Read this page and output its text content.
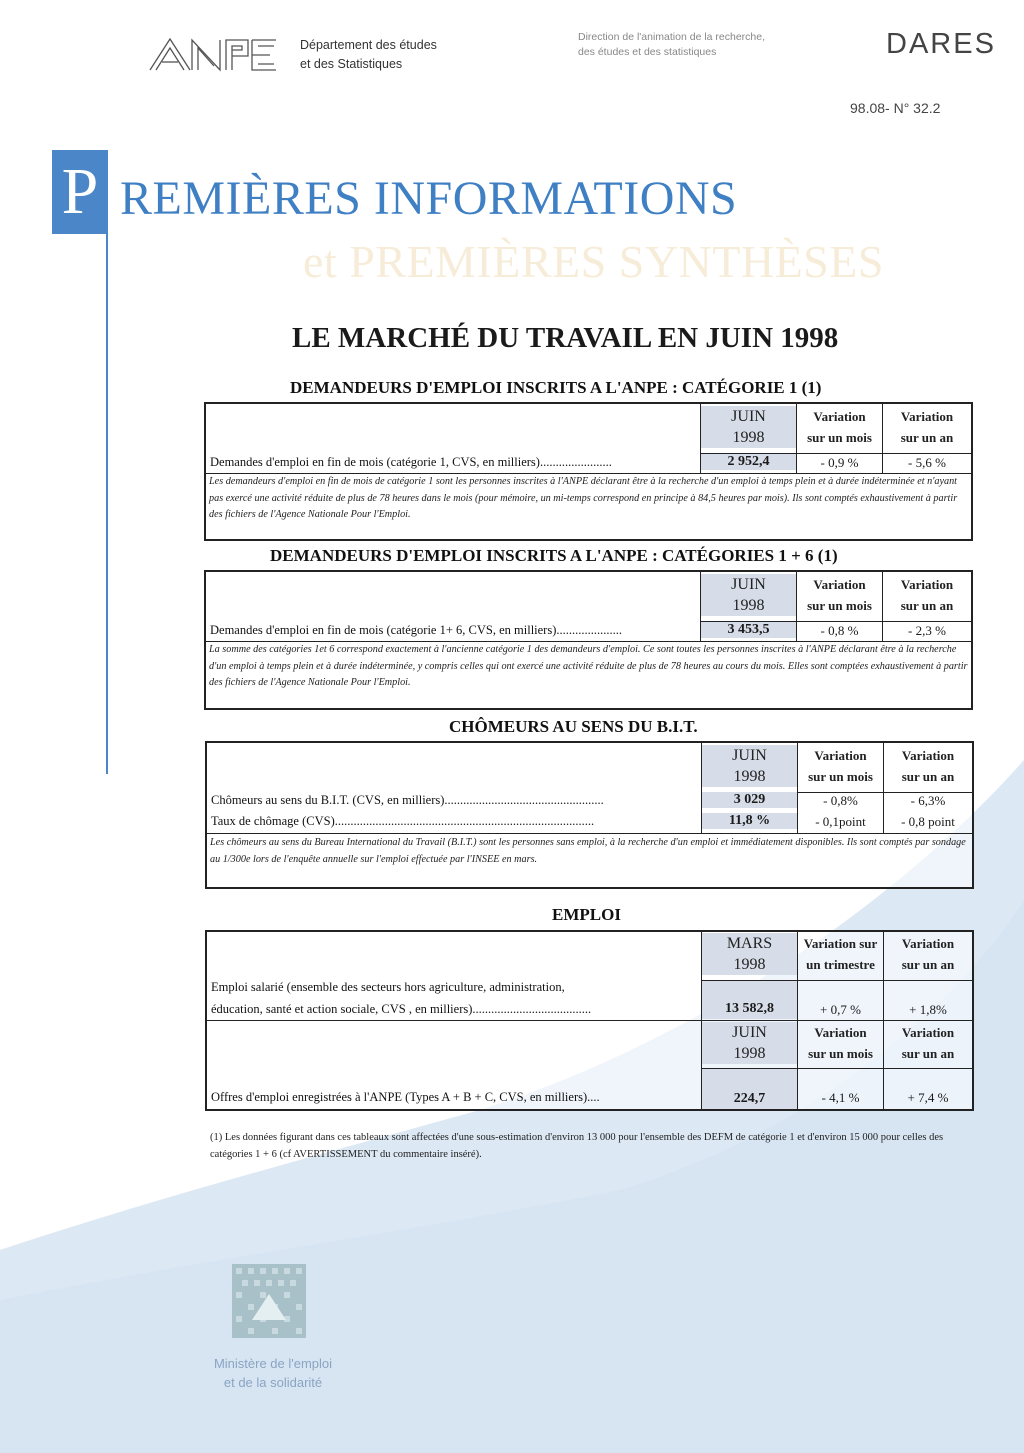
Département des études
et des Statistiques
Direction de l'animation de la recherche,
des études et des statistiques	DARES
98.08- N° 32.2
P REMIÈRES INFORMATIONS
et PREMIÈRES SYNTHÈSES
LE MARCHÉ DU TRAVAIL EN JUIN 1998
DEMANDEURS D'EMPLOI INSCRITS A L'ANPE : CATÉGORIE 1 (1)
JUIN
1998
Variation
sur un mois
Variation
sur un an
Demandes d'emploi en fin de mois (catégorie 1, CVS, en milliers).......................	2 952,4	- 0,9 %	- 5,6 %
Les demandeurs d'emploi en fin de mois de catégorie 1 sont les personnes inscrites à l'ANPE déclarant être à la recherche d'un emploi à temps plein et à durée indéterminée et n'ayant pas exercé une activité réduite de plus de 78 heures dans le mois (pour mémoire, un mi-temps correspond en principe à 84,5 heures par mois). Ils sont comptés exhaustivement à partir des fichiers de l'Agence Nationale Pour l'Emploi.
DEMANDEURS D'EMPLOI INSCRITS A L'ANPE : CATÉGORIES 1 + 6 (1)
JUIN
1998
Variation
sur un mois
Variation
sur un an
Demandes d'emploi en fin de mois (catégorie 1+ 6, CVS, en milliers).....................	3 453,5	- 0,8 %	- 2,3 %
La somme des catégories 1et 6 correspond exactement à l'ancienne catégorie 1 des demandeurs d'emploi. Ce sont toutes les personnes inscrites à l'ANPE déclarant être à la recherche d'un emploi à temps plein et à durée indéterminée, y compris celles qui ont exercé une activité réduite de plus de 78 heures au cours du mois. Elles sont comptées exhaustivement à partir des fichiers de l'Agence Nationale Pour l'Emploi.
CHÔMEURS AU SENS DU B.I.T.
JUIN
1998
Variation
sur un mois
Variation
sur un an
Chômeurs au sens du B.I.T. (CVS, en milliers)...................................................	3 029	- 0,8%	- 6,3%
Taux de chômage (CVS)...................................................................................	11,8 %	- 0,1point	- 0,8 point
Les chômeurs au sens du Bureau International du Travail (B.I.T.) sont les personnes sans emploi, à la recherche d'un emploi et immédiatement disponibles. Ils sont comptés par sondage au 1/300e lors de l'enquête annuelle sur l'emploi effectuée par l'INSEE en mars.
EMPLOI
MARS
1998
Variation sur
un trimestre
Variation
sur un an
Emploi salarié (ensemble des secteurs hors agriculture, administration,
éducation, santé et action sociale, CVS , en milliers)......................................	13 582,8	+ 0,7 %	+ 1,8%
JUIN
1998
Variation
sur un mois
Variation
sur un an
Offres d'emploi enregistrées à l'ANPE (Types A + B + C, CVS, en milliers)....	224,7	- 4,1 %	+ 7,4 %
(1) Les données figurant dans ces tableaux sont affectées d'une sous-estimation d'environ 13 000 pour l'ensemble des DEFM de catégorie 1 et d'environ 15 000 pour celles des catégories 1 + 6 (cf AVERTISSEMENT du commentaire inséré).
Ministère de l'emploi
et de la solidarité
